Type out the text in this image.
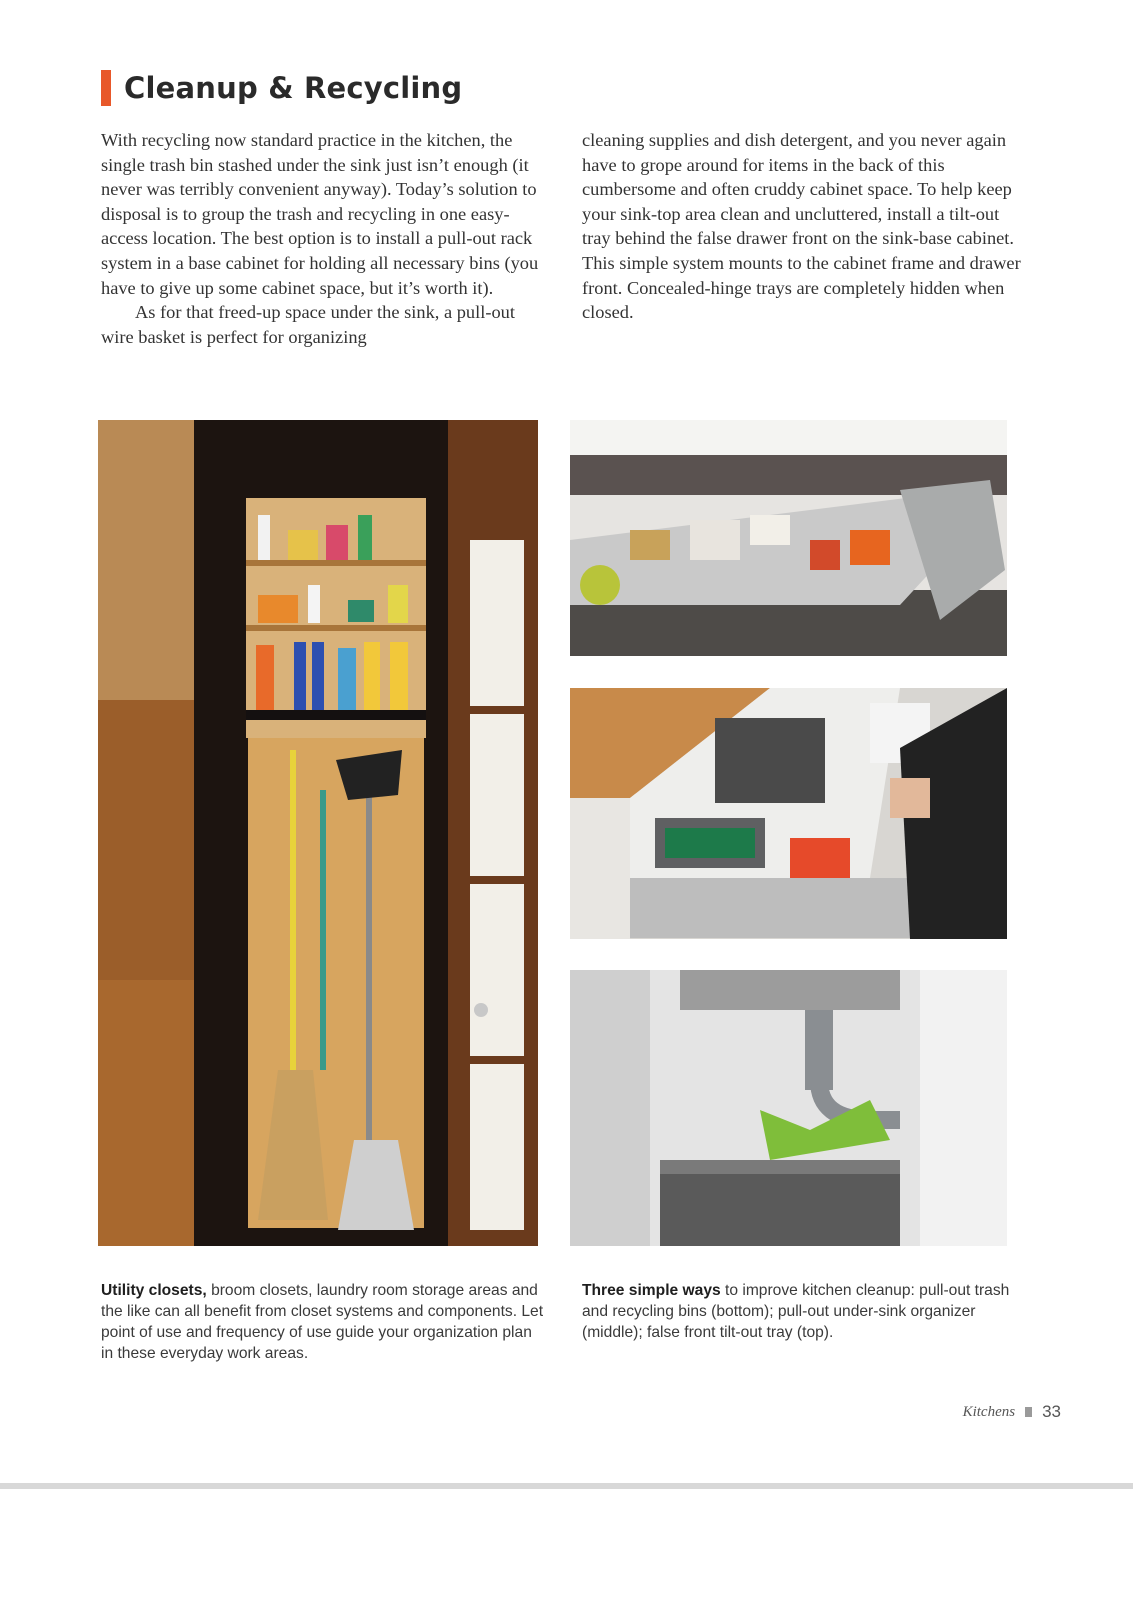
Cleanup & Recycling

With recycling now standard practice in the kitchen, the single trash bin stashed under the sink just isn’t enough (it never was terribly convenient anyway). Today’s solution to disposal is to group the trash and recycling in one easy-access location. The best option is to install a pull-out rack system in a base cabinet for holding all necessary bins (you have to give up some cabinet space, but it’s worth it).

As for that freed-up space under the sink, a pull-out wire basket is perfect for organizing

cleaning supplies and dish detergent, and you never again have to grope around for items in the back of this cumbersome and often cruddy cabinet space. To help keep your sink-top area clean and uncluttered, install a tilt-out tray behind the false drawer front on the sink-base cabinet. This simple system mounts to the cabinet frame and drawer front. Concealed-hinge trays are completely hidden when closed.

Utility closets, broom closets, laundry room storage areas and the like can all benefit from closet systems and components. Let point of use and frequency of use guide your organization plan in these everyday work areas.
Three simple ways to improve kitchen cleanup: pull-out trash and recycling bins (bottom); pull-out under-sink organizer (middle); false front tilt-out tray (top).
Kitchens 33
